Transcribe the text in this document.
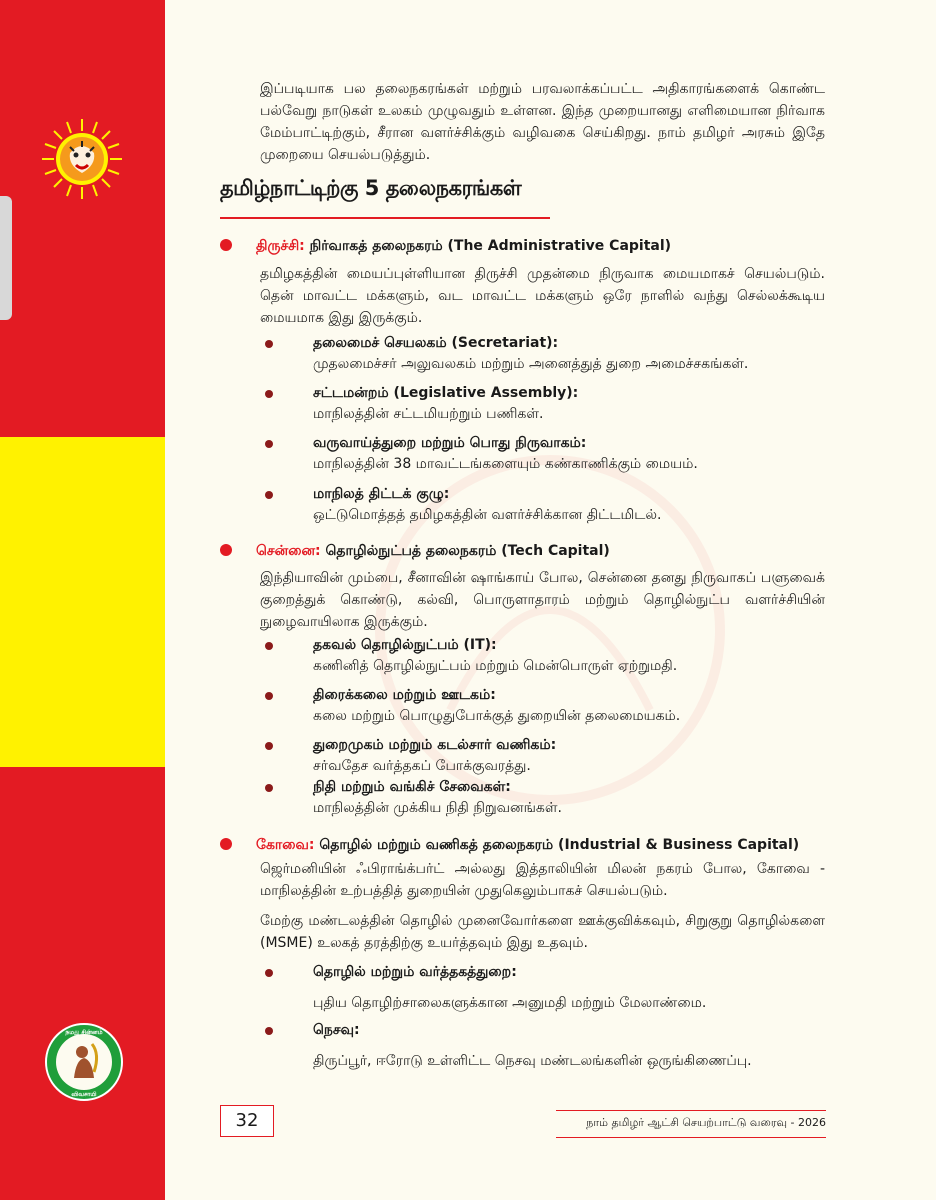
இப்படியாக பல தலைநகரங்கள் மற்றும் பரவலாக்கப்பட்ட அதிகாரங்களைக் கொண்ட பல்வேறு நாடுகள் உலகம் முழுவதும் உள்ளன. இந்த முறையானது எளிமையான நிர்வாக மேம்பாட்டிற்கும், சீரான வளர்ச்சிக்கும் வழிவகை செய்கிறது. நாம் தமிழர் அரசும் இதே முறையை செயல்படுத்தும்.
தமிழ்நாட்டிற்கு 5 தலைநகரங்கள்
திருச்சி: நிர்வாகத் தலைநகரம் (The Administrative Capital)
தமிழகத்தின் மையப்புள்ளியான திருச்சி முதன்மை நிருவாக மையமாகச் செயல்படும். தென் மாவட்ட மக்களும், வட மாவட்ட மக்களும் ஒரே நாளில் வந்து செல்லக்கூடிய மையமாக இது இருக்கும்.
தலைமைச் செயலகம் (Secretariat):
முதலமைச்சர் அலுவலகம் மற்றும் அனைத்துத் துறை அமைச்சகங்கள்.
சட்டமன்றம் (Legislative Assembly):
மாநிலத்தின் சட்டமியற்றும் பணிகள்.
வருவாய்த்துறை மற்றும் பொது நிருவாகம்:
மாநிலத்தின் 38 மாவட்டங்களையும் கண்காணிக்கும் மையம்.
மாநிலத் திட்டக் குழு:
ஒட்டுமொத்தத் தமிழகத்தின் வளர்ச்சிக்கான திட்டமிடல்.
சென்னை: தொழில்நுட்பத் தலைநகரம் (Tech Capital)
இந்தியாவின் மும்பை, சீனாவின் ஷாங்காய் போல, சென்னை தனது நிருவாகப் பளுவைக் குறைத்துக் கொண்டு, கல்வி, பொருளாதாரம் மற்றும் தொழில்நுட்ப வளர்ச்சியின் நுழைவாயிலாக இருக்கும்.
தகவல் தொழில்நுட்பம் (IT):
கணினித் தொழில்நுட்பம் மற்றும் மென்பொருள் ஏற்றுமதி.
திரைக்கலை மற்றும் ஊடகம்:
கலை மற்றும் பொழுதுபோக்குத் துறையின் தலைமையகம்.
துறைமுகம் மற்றும் கடல்சார் வணிகம்:
சர்வதேச வர்த்தகப் போக்குவரத்து.
நிதி மற்றும் வங்கிச் சேவைகள்:
மாநிலத்தின் முக்கிய நிதி நிறுவனங்கள்.
கோவை: தொழில் மற்றும் வணிகத் தலைநகரம் (Industrial & Business Capital)
ஜெர்மனியின் ஃபிராங்க்பர்ட் அல்லது இத்தாலியின் மிலன் நகரம் போல, கோவை - மாநிலத்தின் உற்பத்தித் துறையின் முதுகெலும்பாகச் செயல்படும்.
மேற்கு மண்டலத்தின் தொழில் முனைவோர்களை ஊக்குவிக்கவும், சிறுகுறு தொழில்களை (MSME) உலகத் தரத்திற்கு உயர்த்தவும் இது உதவும்.
தொழில் மற்றும் வர்த்தகத்துறை:
புதிய தொழிற்சாலைகளுக்கான அனுமதி மற்றும் மேலாண்மை.
நெசவு:
திருப்பூர், ஈரோடு உள்ளிட்ட நெசவு மண்டலங்களின் ஒருங்கிணைப்பு.
நமது சின்னம்
விவசாயி
32	நாம் தமிழர் ஆட்சி செயற்பாட்டு வரைவு - 2026
